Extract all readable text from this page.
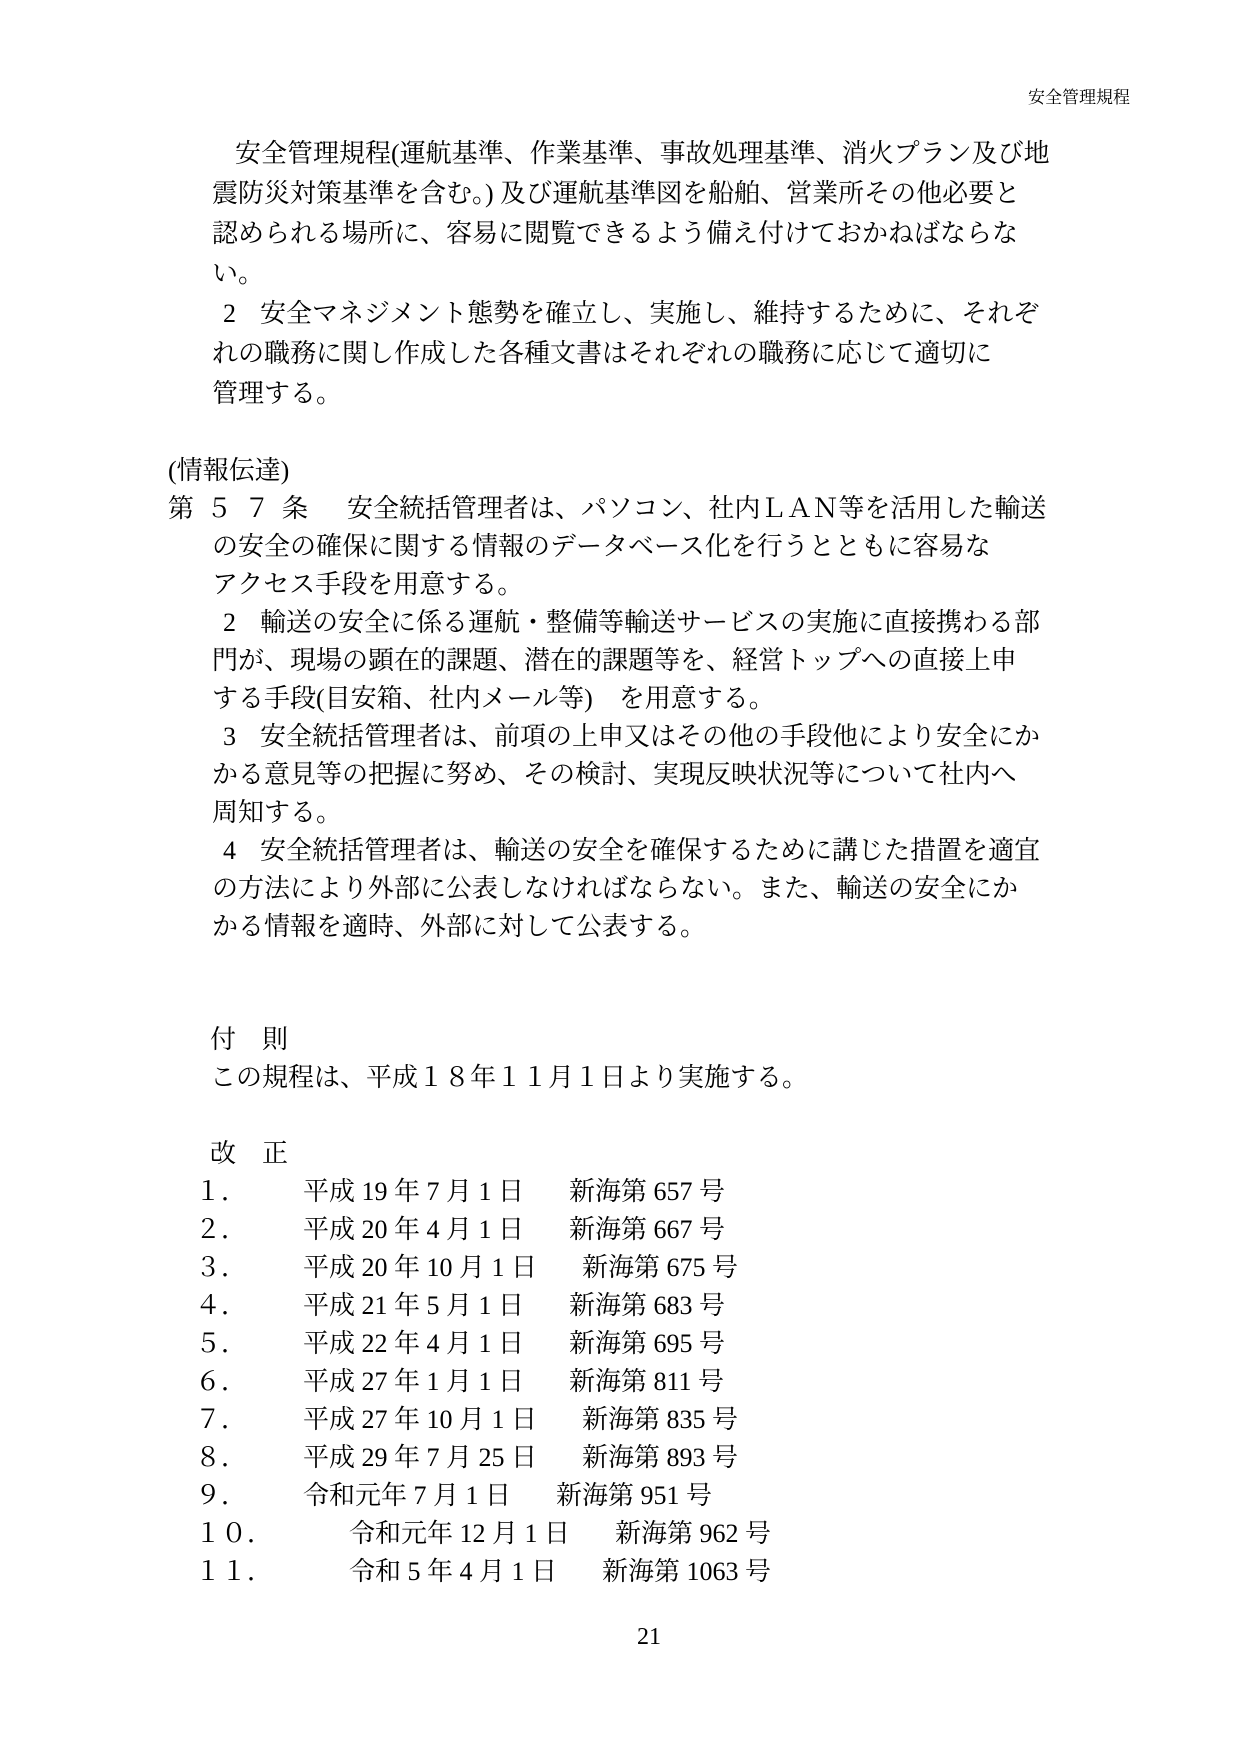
安全管理規程
安全管理規程(運航基準、作業基準、事故処理基準、消火プラン及び地
震防災対策基準を含む。) 及び運航基準図を船舶、営業所その他必要と
認められる場所に、容易に閲覧できるよう備え付けておかねばならな
い。
2 安全マネジメント態勢を確立し、実施し、維持するために、それぞ
れの職務に関し作成した各種文書はそれぞれの職務に応じて適切に
管理する。
(情報伝達)
第５７条	安全統括管理者は、パソコン、社内ＬＡＮ等を活用した輸送
の安全の確保に関する情報のデータベース化を行うとともに容易な
アクセス手段を用意する。
2 輸送の安全に係る運航・整備等輸送サービスの実施に直接携わる部
門が、現場の顕在的課題、潜在的課題等を、経営トップへの直接上申
する手段(目安箱、社内メール等)　を用意する。
3 安全統括管理者は、前項の上申又はその他の手段他により安全にか
かる意見等の把握に努め、その検討、実現反映状況等について社内へ
周知する。
4 安全統括管理者は、輸送の安全を確保するために講じた措置を適宜
の方法により外部に公表しなければならない。また、輸送の安全にか
かる情報を適時、外部に対して公表する。
付　則
この規程は、平成１８年１１月１日より実施する。
改　正
１．	平成 19 年 7 月 1 日 新海第 657 号
２．	平成 20 年 4 月 1 日 新海第 667 号
３．	平成 20 年 10 月 1 日 新海第 675 号
４．	平成 21 年 5 月 1 日 新海第 683 号
５．	平成 22 年 4 月 1 日 新海第 695 号
６．	平成 27 年 1 月 1 日 新海第 811 号
７．	平成 27 年 10 月 1 日 新海第 835 号
８．	平成 29 年 7 月 25 日 新海第 893 号
９．	令和元年 7 月 1 日 新海第 951 号
１０．	令和元年 12 月 1 日 新海第 962 号
１１．	令和 5 年 4 月 1 日 新海第 1063 号
21
